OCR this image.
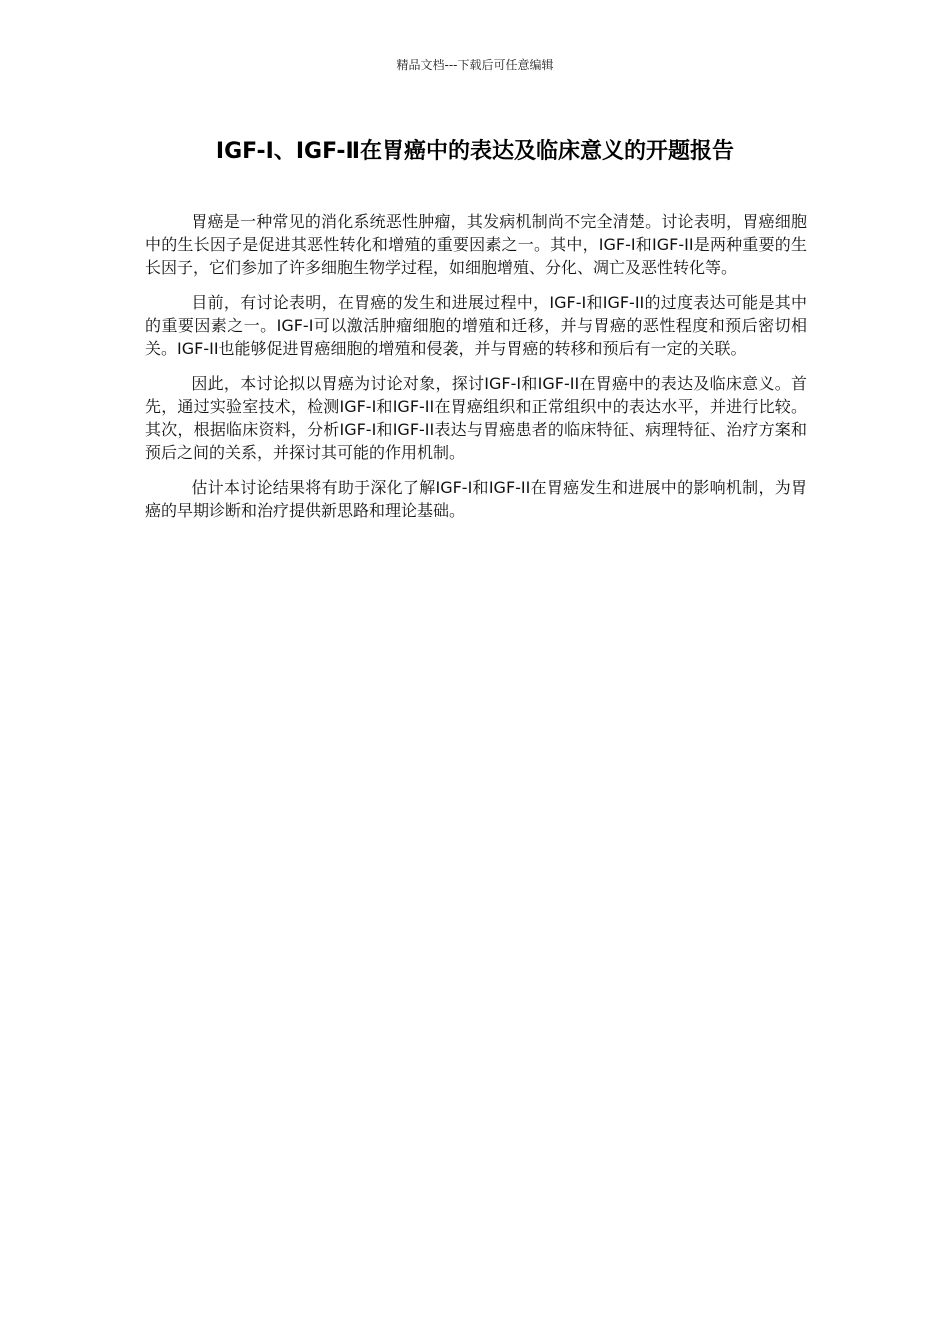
精品文档---下载后可任意编辑
IGF-Ⅰ、IGF-Ⅱ在胃癌中的表达及临床意义的开题报告

胃癌是一种常见的消化系统恶性肿瘤，其发病机制尚不完全清楚。讨论表明，胃癌细胞中的生长因子是促进其恶性转化和增殖的重要因素之一。其中，IGF-I和IGF-II是两种重要的生长因子，它们参加了许多细胞生物学过程，如细胞增殖、分化、凋亡及恶性转化等。

目前，有讨论表明，在胃癌的发生和进展过程中，IGF-I和IGF-II的过度表达可能是其中的重要因素之一。IGF-I可以激活肿瘤细胞的增殖和迁移，并与胃癌的恶性程度和预后密切相关。IGF-II也能够促进胃癌细胞的增殖和侵袭，并与胃癌的转移和预后有一定的关联。

因此，本讨论拟以胃癌为讨论对象，探讨IGF-I和IGF-II在胃癌中的表达及临床意义。首先，通过实验室技术，检测IGF-I和IGF-II在胃癌组织和正常组织中的表达水平，并进行比较。其次，根据临床资料，分析IGF-I和IGF-II表达与胃癌患者的临床特征、病理特征、治疗方案和预后之间的关系，并探讨其可能的作用机制。

估计本讨论结果将有助于深化了解IGF-I和IGF-II在胃癌发生和进展中的影响机制，为胃癌的早期诊断和治疗提供新思路和理论基础。
